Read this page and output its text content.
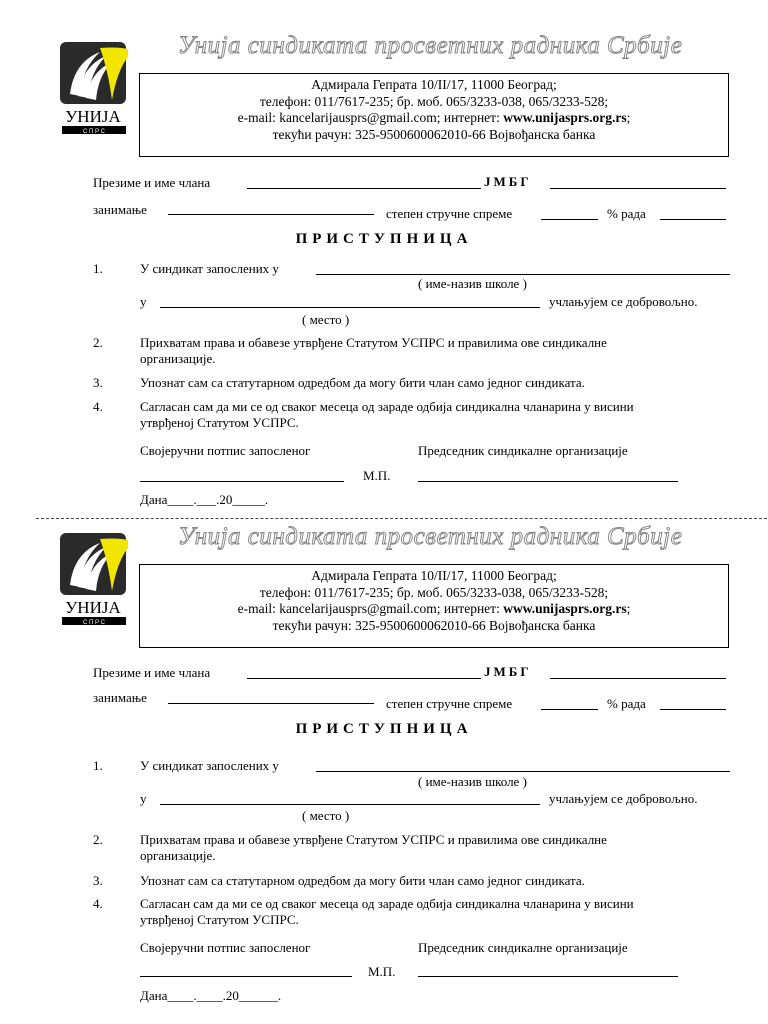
УНИЈА
С П Р С
Унија синдиката просветних радника Србије
Адмирала Гепрата 10/II/17, 11000 Београд;
телефон: 011/7617-235; бр. моб. 065/3233-038, 065/3233-528;
e-mail: kancelarijausprs@gmail.com; интернет: www.unijasprs.org.rs;
текући рачун: 325-9500600062010-66 Војвођанска банка
Презиме и име члана	ЈМБГ
занимање	степен стручне спреме	% рада
ПРИСТУПНИЦА
1.	У синдикат запослених у
( име-назив школе )
у	учлањујем се добровољно.
( место )
2.	Прихватам права и обавезе утврђене Статутом УСПРС и правилима ове синдикалне организације.
3.	Упознат сам са статутарном одредбом да могу бити члан само једног синдиката.
4.	Сагласан сам да ми се од сваког месеца од зараде одбија синдикална чланарина у висини утврђеној Статутом УСПРС.
Својеручни потпис запосленог	Председник синдикалне организације
М.П.
Дана____.___.20_____.
УНИЈА
С П Р С
Унија синдиката просветних радника Србије
Адмирала Гепрата 10/II/17, 11000 Београд;
телефон: 011/7617-235; бр. моб. 065/3233-038, 065/3233-528;
e-mail: kancelarijausprs@gmail.com; интернет: www.unijasprs.org.rs;
текући рачун: 325-9500600062010-66 Војвођанска банка
Презиме и име члана	ЈМБГ
занимање	степен стручне спреме	% рада
ПРИСТУПНИЦА
1.	У синдикат запослених у
( име-назив школе )
у	учлањујем се добровољно.
( место )
2.	Прихватам права и обавезе утврђене Статутом УСПРС и правилима ове синдикалне организације.
3.	Упознат сам са статутарном одредбом да могу бити члан само једног синдиката.
4.	Сагласан сам да ми се од сваког месеца од зараде одбија синдикална чланарина у висини утврђеној Статутом УСПРС.
Својеручни потпис запосленог	Председник синдикалне организације
М.П.
Дана____.____.20______.
